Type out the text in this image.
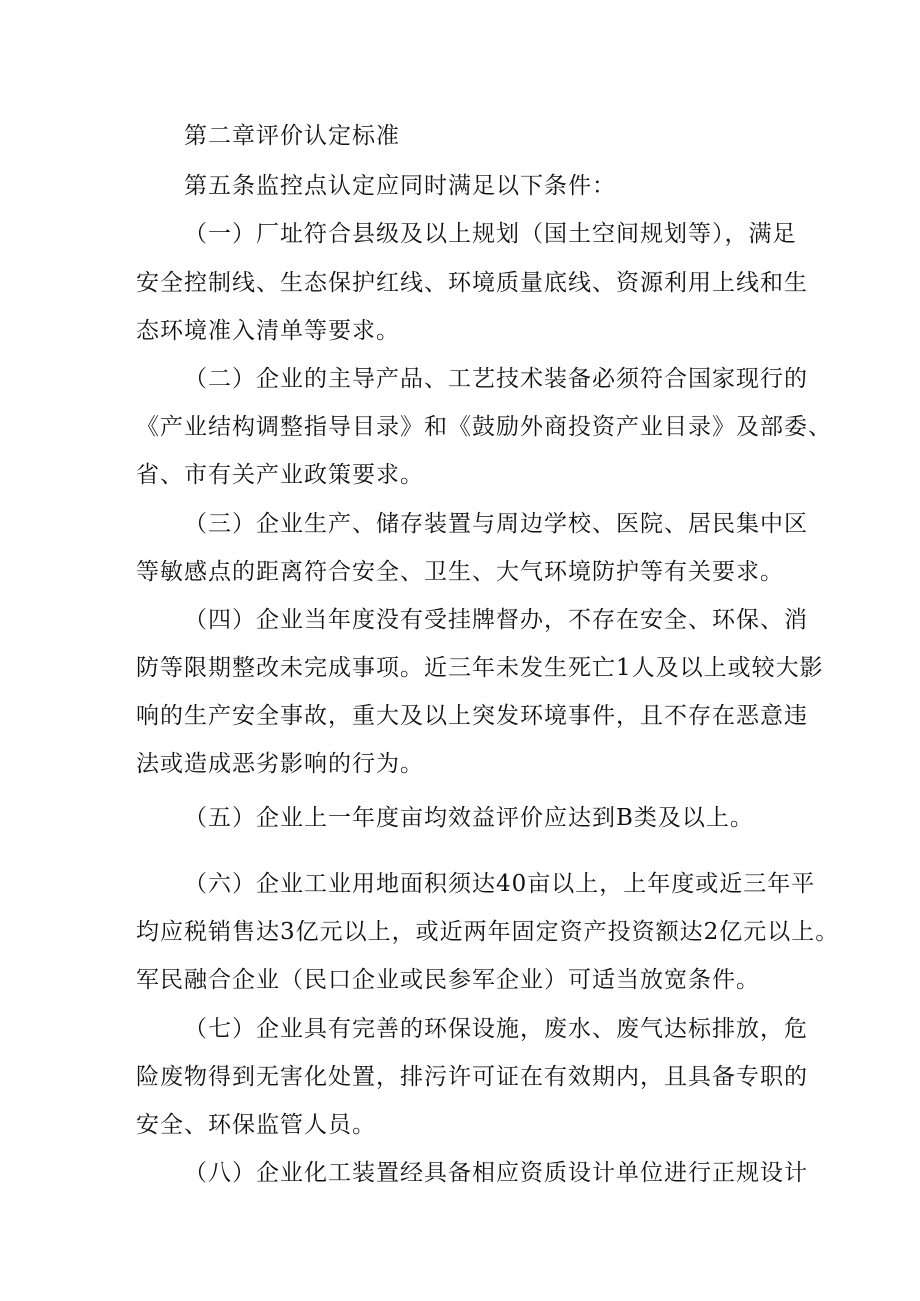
第二章评价认定标准
第五条监控点认定应同时满足以下条件：
（一）厂址符合县级及以上规划（国土空间规划等），满足
安全控制线、生态保护红线、环境质量底线、资源利用上线和生
态环境准入清单等要求。
（二）企业的主导产品、工艺技术装备必须符合国家现行的
《产业结构调整指导目录》和《鼓励外商投资产业目录》及部委、
省、市有关产业政策要求。
（三）企业生产、储存装置与周边学校、医院、居民集中区
等敏感点的距离符合安全、卫生、大气环境防护等有关要求。
（四）企业当年度没有受挂牌督办，不存在安全、环保、消
防等限期整改未完成事项。近三年未发生死亡1人及以上或较大影
响的生产安全事故，重大及以上突发环境事件，且不存在恶意违
法或造成恶劣影响的行为。
（五）企业上一年度亩均效益评价应达到B类及以上。
（六）企业工业用地面积须达40亩以上，上年度或近三年平
均应税销售达3亿元以上，或近两年固定资产投资额达2亿元以上。
军民融合企业（民口企业或民参军企业）可适当放宽条件。
（七）企业具有完善的环保设施，废水、废气达标排放，危
险废物得到无害化处置，排污许可证在有效期内，且具备专职的
安全、环保监管人员。
（八）企业化工装置经具备相应资质设计单位进行正规设计
